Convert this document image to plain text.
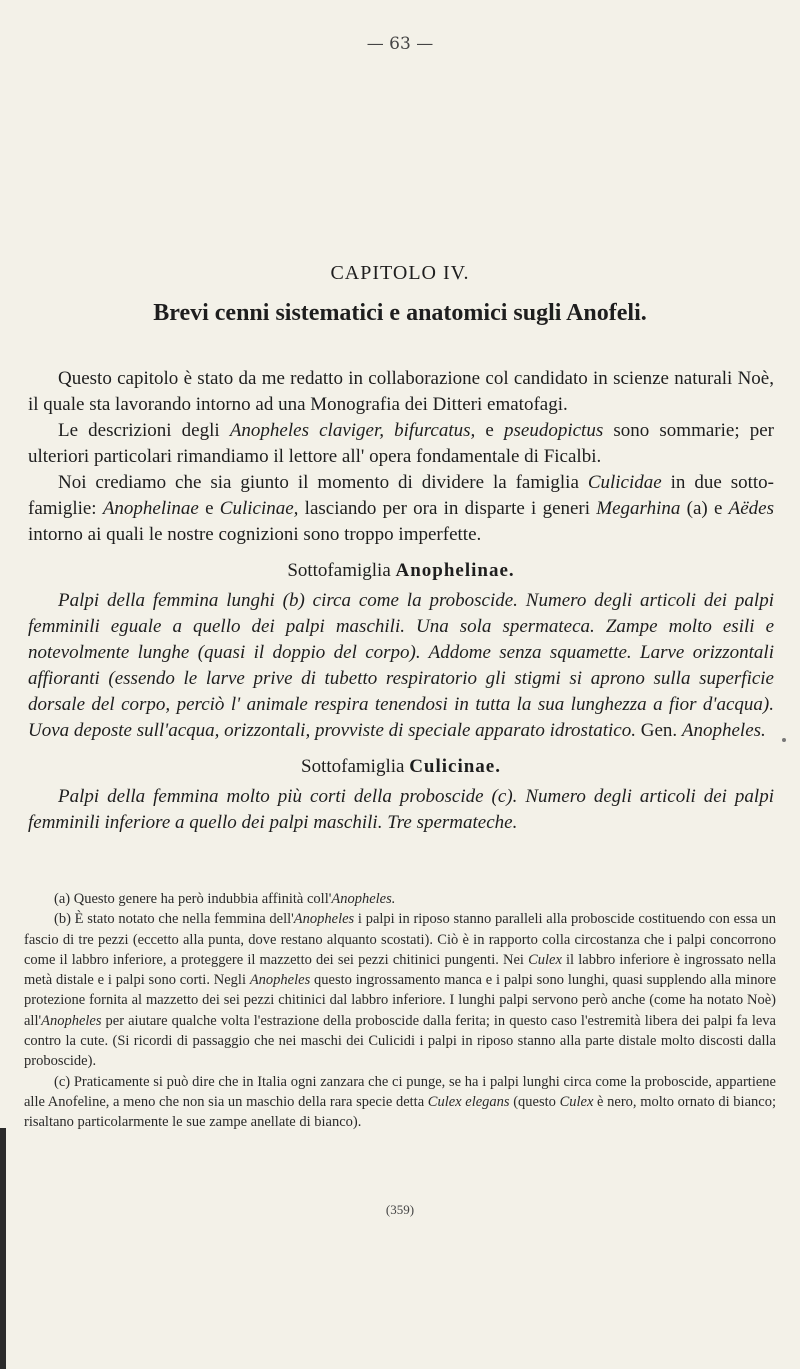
— 63 —
CAPITOLO IV.
Brevi cenni sistematici e anatomici sugli Anofeli.

Questo capitolo è stato da me redatto in collaborazione col candidato in scienze naturali Noè, il quale sta lavorando intorno ad una Monografia dei Ditteri ematofagi.

Le descrizioni degli Anopheles claviger, bifurcatus, e pseudopictus sono sommarie; per ulteriori particolari rimandiamo il lettore all' opera fondamentale di Ficalbi.

Noi crediamo che sia giunto il momento di dividere la famiglia Culicidae in due sotto-famiglie: Anophelinae e Culicinae, lasciando per ora in disparte i generi Megarhina (a) e Aëdes intorno ai quali le nostre cognizioni sono troppo imperfette.

Sottofamiglia Anophelinae.

Palpi della femmina lunghi (b) circa come la proboscide. Numero degli articoli dei palpi femminili eguale a quello dei palpi maschili. Una sola spermateca. Zampe molto esili e notevolmente lunghe (quasi il doppio del corpo). Addome senza squamette. Larve orizzontali affioranti (essendo le larve prive di tubetto respiratorio gli stigmi si aprono sulla superficie dorsale del corpo, perciò l' animale respira tenendosi in tutta la sua lunghezza a fior d'acqua). Uova deposte sull'acqua, orizzontali, provviste di speciale apparato idrostatico. Gen. Anopheles.

Sottofamiglia Culicinae.

Palpi della femmina molto più corti della proboscide (c). Numero degli articoli dei palpi femminili inferiore a quello dei palpi maschili. Tre spermateche.

(a) Questo genere ha però indubbia affinità coll'Anopheles.

(b) È stato notato che nella femmina dell'Anopheles i palpi in riposo stanno paralleli alla proboscide costituendo con essa un fascio di tre pezzi (eccetto alla punta, dove restano alquanto scostati). Ciò è in rapporto colla circostanza che i palpi concorrono come il labbro inferiore, a proteggere il mazzetto dei sei pezzi chitinici pungenti. Nei Culex il labbro inferiore è ingrossato nella metà distale e i palpi sono corti. Negli Anopheles questo ingrossamento manca e i palpi sono lunghi, quasi supplendo alla minore protezione fornita al mazzetto dei sei pezzi chitinici dal labbro inferiore. I lunghi palpi servono però anche (come ha notato Noè) all'Anopheles per aiutare qualche volta l'estrazione della proboscide dalla ferita; in questo caso l'estremità libera dei palpi fa leva contro la cute. (Si ricordi di passaggio che nei maschi dei Culicidi i palpi in riposo stanno alla parte distale molto discosti dalla proboscide).

(c) Praticamente si può dire che in Italia ogni zanzara che ci punge, se ha i palpi lunghi circa come la proboscide, appartiene alle Anofeline, a meno che non sia un maschio della rara specie detta Culex elegans (questo Culex è nero, molto ornato di bianco; risaltano particolarmente le sue zampe anellate di bianco).

(359)
